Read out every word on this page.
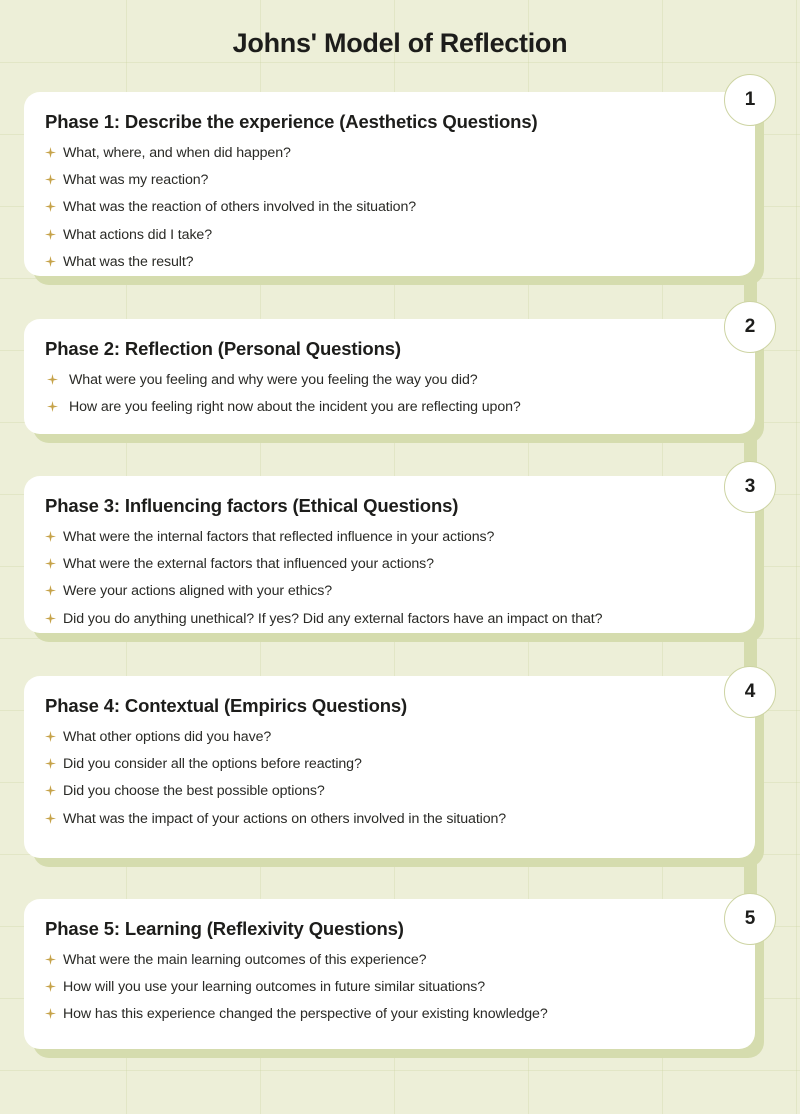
Johns' Model of Reflection
Phase 1: Describe the experience (Aesthetics Questions)
What, where, and when did happen?
What was my reaction?
What was the reaction of others involved in the situation?
What actions did I take?
What was the result?
Phase 2: Reflection (Personal Questions)
What were you feeling and why were you feeling the way you did?
How are you feeling right now about the incident you are reflecting upon?
Phase 3: Influencing factors (Ethical Questions)
What were the internal factors that reflected influence in your actions?
What were the external factors that influenced your actions?
Were your actions aligned with your ethics?
Did you do anything unethical? If yes? Did any external factors have an impact on that?
Phase 4: Contextual (Empirics Questions)
What other options did you have?
Did you consider all the options before reacting?
Did you choose the best possible options?
What was the impact of your actions on others involved in the situation?
Phase 5: Learning (Reflexivity Questions)
What were the main learning outcomes of this experience?
How will you use your learning outcomes in future similar situations?
How has this experience changed the perspective of your existing knowledge?
1
2
3
4
5
